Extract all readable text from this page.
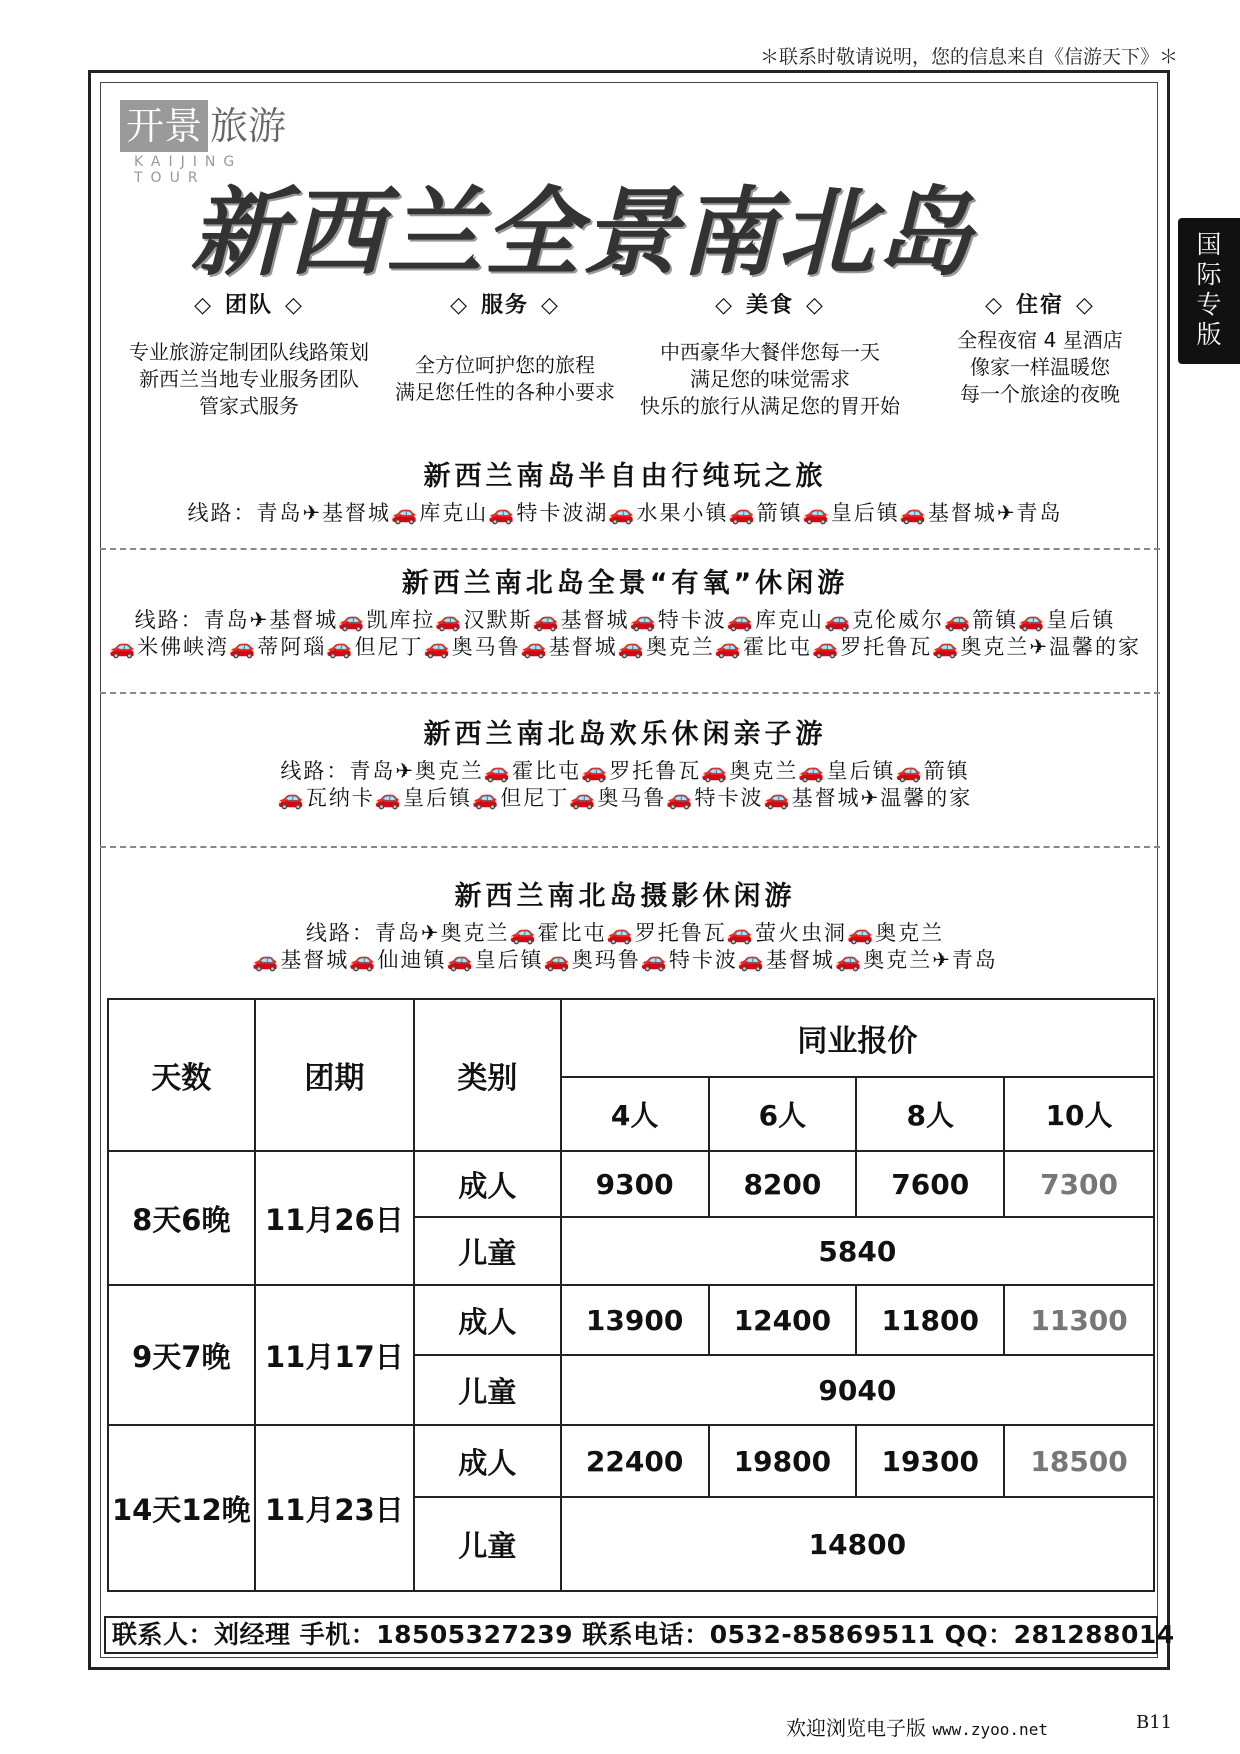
＊联系时敬请说明，您的信息来自《信游天下》＊
国
际
专
版
开景 旅游
KAIJING TOUR
新西兰全景南北岛
◇ 团队 ◇
专业旅游定制团队线路策划
新西兰当地专业服务团队
管家式服务
◇ 服务 ◇
全方位呵护您的旅程
满足您任性的各种小要求
◇ 美食 ◇
中西豪华大餐伴您每一天
满足您的味觉需求
快乐的旅行从满足您的胃开始
◇ 住宿 ◇
全程夜宿 4 星酒店
像家一样温暖您
每一个旅途的夜晚
新西兰南岛半自由行纯玩之旅
线路：青岛✈基督城🚗库克山🚗特卡波湖🚗水果小镇🚗箭镇🚗皇后镇🚗基督城✈青岛
新西兰南北岛全景“有氧”休闲游
线路：青岛✈基督城🚗凯库拉🚗汉默斯🚗基督城🚗特卡波🚗库克山🚗克伦威尔🚗箭镇🚗皇后镇
🚗米佛峡湾🚗蒂阿瑙🚗但尼丁🚗奥马鲁🚗基督城🚗奥克兰🚗霍比屯🚗罗托鲁瓦🚗奥克兰✈温馨的家
新西兰南北岛欢乐休闲亲子游
线路：青岛✈奥克兰🚗霍比屯🚗罗托鲁瓦🚗奥克兰🚗皇后镇🚗箭镇
🚗瓦纳卡🚗皇后镇🚗但尼丁🚗奥马鲁🚗特卡波🚗基督城✈温馨的家
新西兰南北岛摄影休闲游
线路：青岛✈奥克兰🚗霍比屯🚗罗托鲁瓦🚗萤火虫洞🚗奥克兰
🚗基督城🚗仙迪镇🚗皇后镇🚗奥玛鲁🚗特卡波🚗基督城🚗奥克兰✈青岛
天数	团期	类别	同业报价			
			4人	6人	8人	10人
8天6晚	11月26日	成人	9300	8200	7600	7300
		儿童	5840			
9天7晚	11月17日	成人	13900	12400	11800	11300
		儿童	9040			
14天12晚	11月23日	成人	22400	19800	19300	18500
		儿童	14800			
联系人：刘经理 手机：18505327239 联系电话：0532-85869511 QQ：281288014
欢迎浏览电子版 www.zyoo.net	B11
